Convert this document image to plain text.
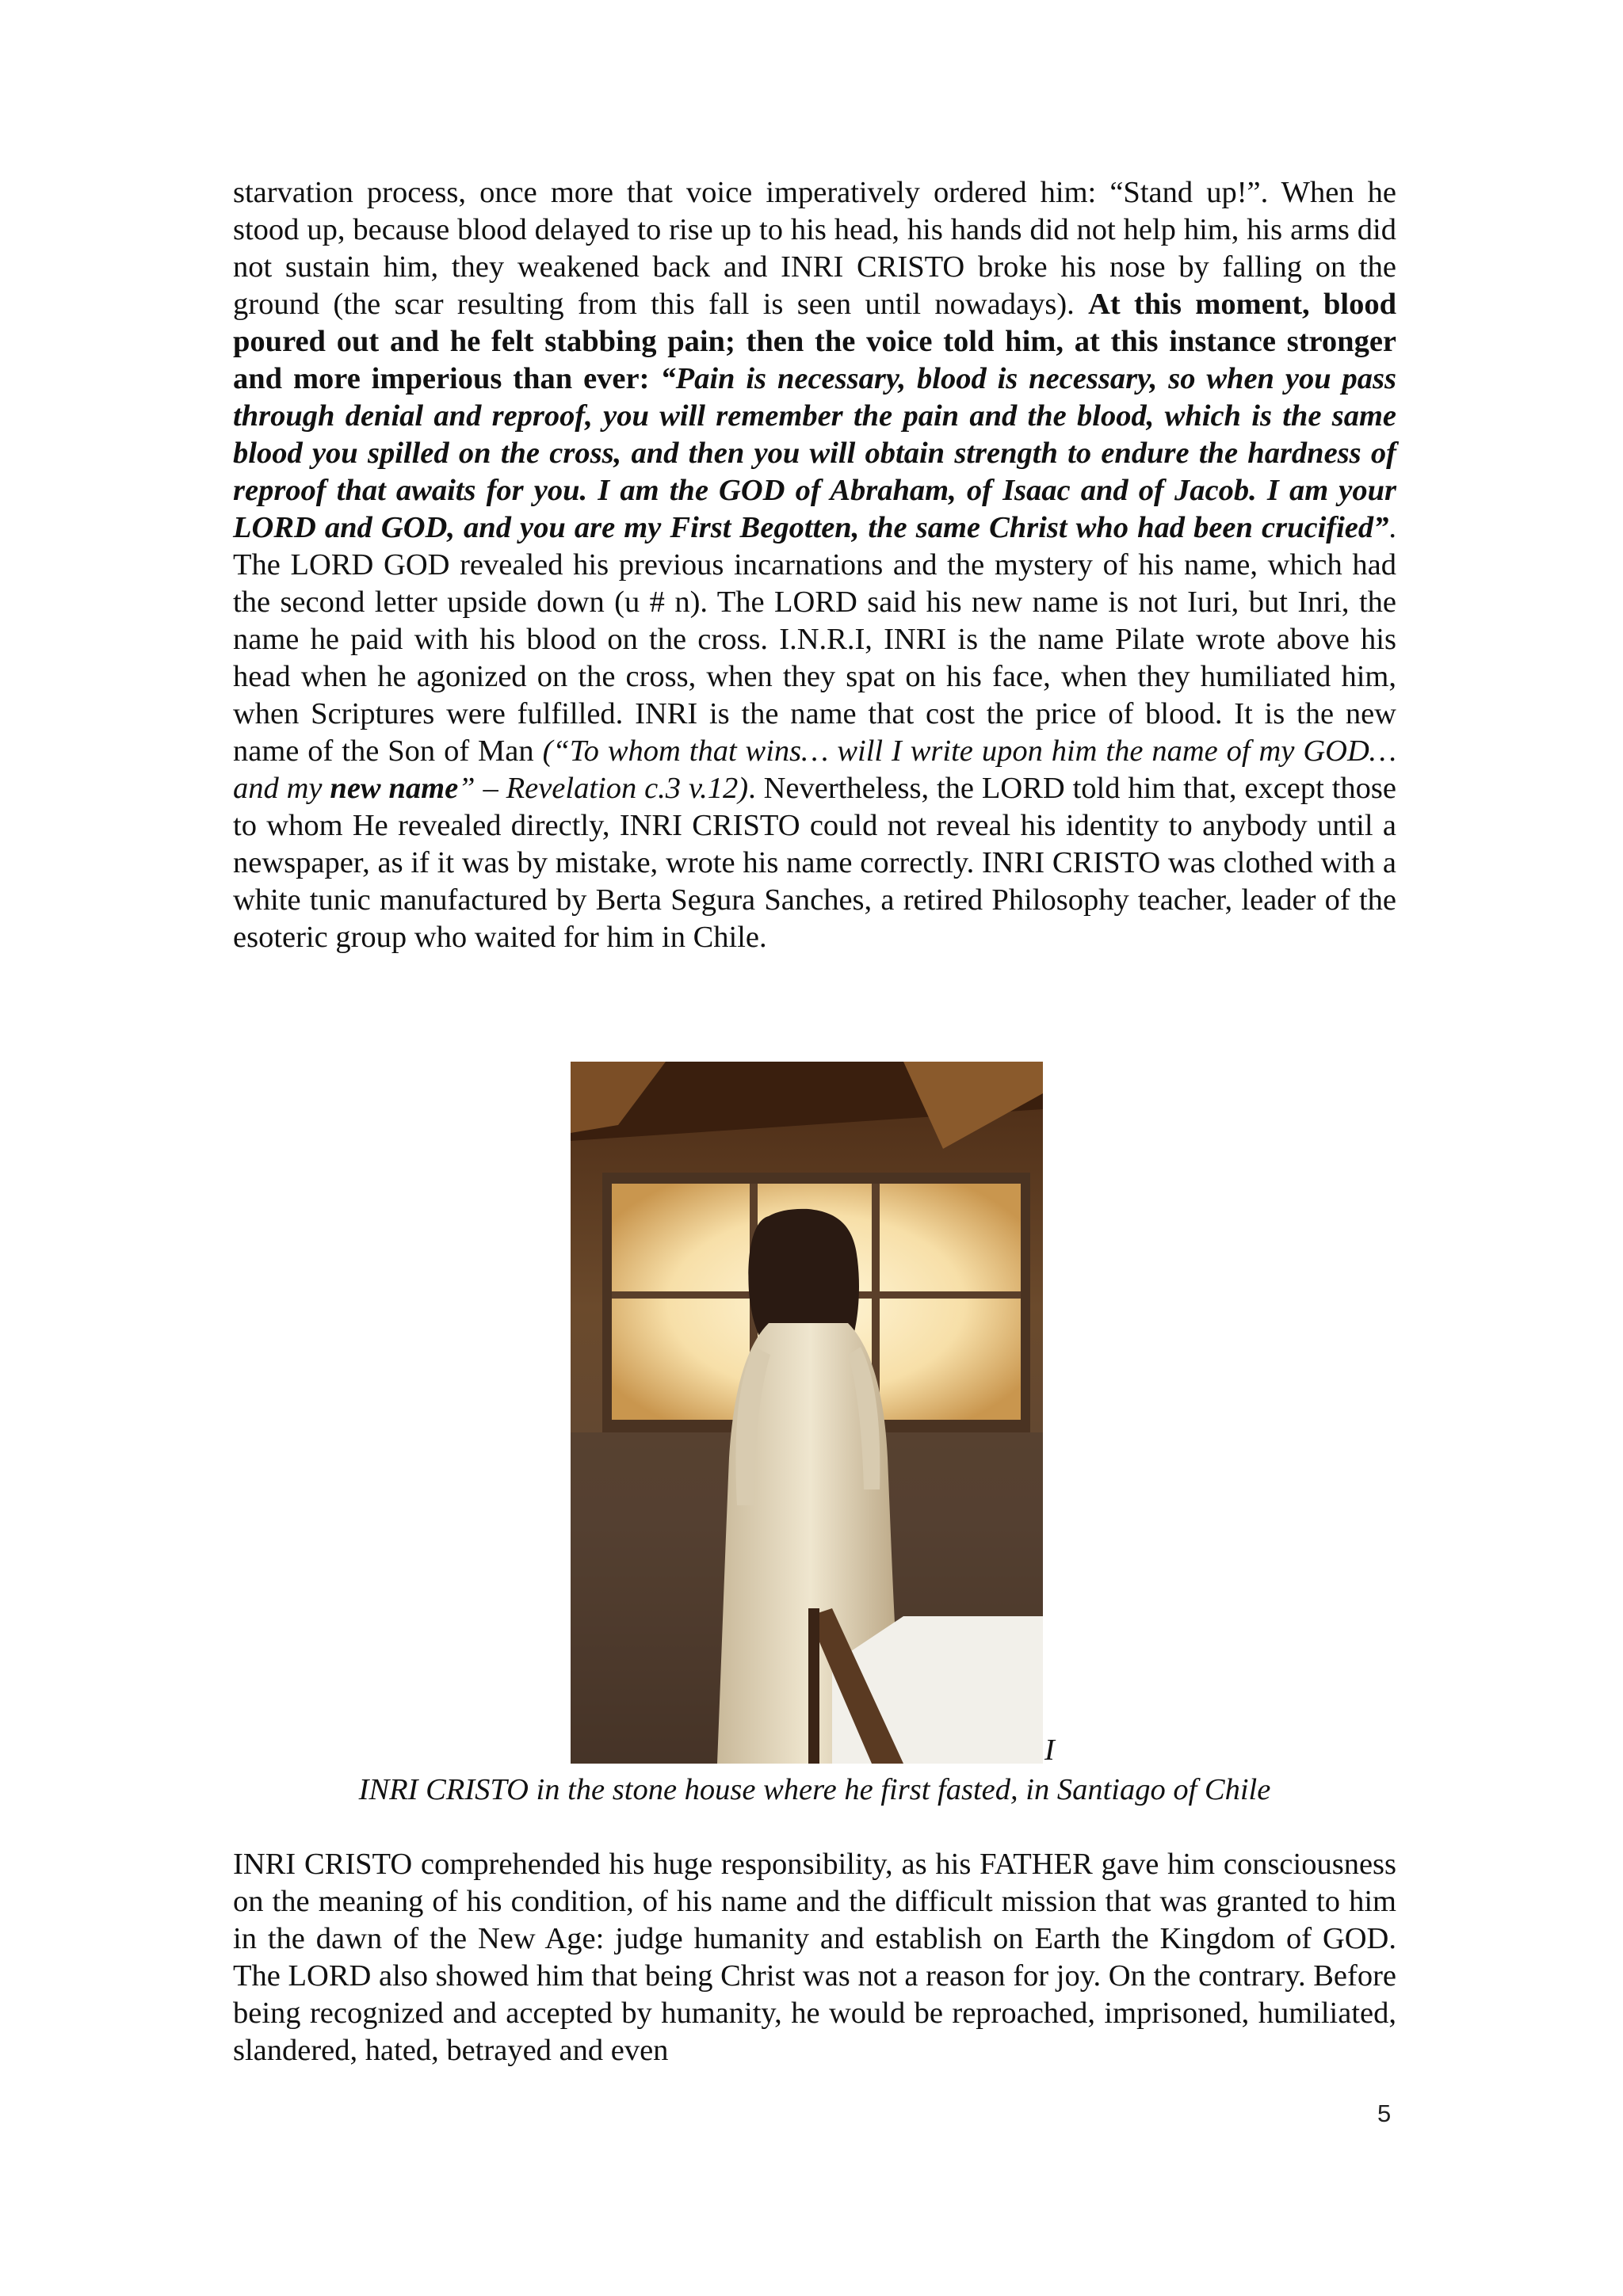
starvation process, once more that voice imperatively ordered him: “Stand up!”. When he stood up, because blood delayed to rise up to his head, his hands did not help him, his arms did not sustain him, they weakened back and INRI CRISTO broke his nose by falling on the ground (the scar resulting from this fall is seen until nowadays). At this moment, blood poured out and he felt stabbing pain; then the voice told him, at this instance stronger and more imperious than ever: “Pain is necessary, blood is necessary, so when you pass through denial and reproof, you will remember the pain and the blood, which is the same blood you spilled on the cross, and then you will obtain strength to endure the hardness of reproof that awaits for you. I am the GOD of Abraham, of Isaac and of Jacob. I am your LORD and GOD, and you are my First Begotten, the same Christ who had been crucified”. The LORD GOD revealed his previous incarnations and the mystery of his name, which had the second letter upside down (u # n). The LORD said his new name is not Iuri, but Inri, the name he paid with his blood on the cross. I.N.R.I, INRI is the name Pilate wrote above his head when he agonized on the cross, when they spat on his face, when they humiliated him, when Scriptures were fulfilled. INRI is the name that cost the price of blood. It is the new name of the Son of Man (“To whom that wins… will I write upon him the name of my GOD… and my new name” – Revelation c.3 v.12). Nevertheless, the LORD told him that, except those to whom He revealed directly, INRI CRISTO could not reveal his identity to anybody until a newspaper, as if it was by mistake, wrote his name correctly. INRI CRISTO was clothed with a white tunic manufactured by Berta Segura Sanches, a retired Philosophy teacher, leader of the esoteric group who waited for him in Chile.

I
INRI CRISTO in the stone house where he first fasted, in Santiago of Chile

INRI CRISTO comprehended his huge responsibility, as his FATHER gave him consciousness on the meaning of his condition, of his name and the difficult mission that was granted to him in the dawn of the New Age: judge humanity and establish on Earth the Kingdom of GOD. The LORD also showed him that being Christ was not a reason for joy. On the contrary. Before being recognized and accepted by humanity, he would be reproached, imprisoned, humiliated, slandered, hated, betrayed and even

5
